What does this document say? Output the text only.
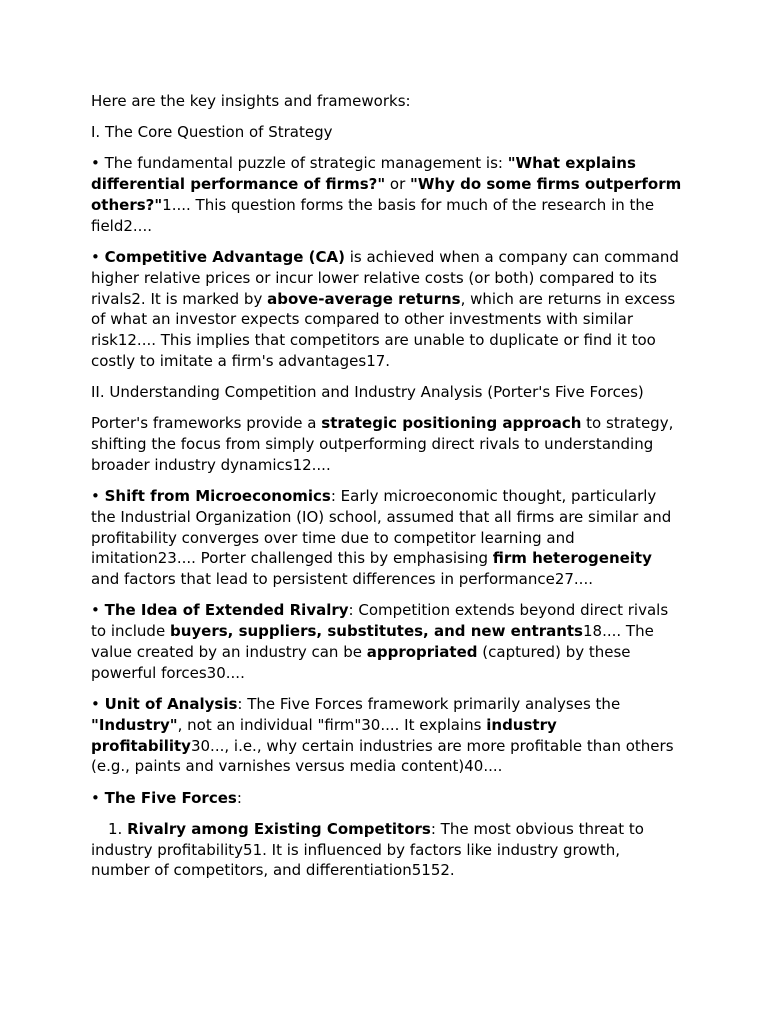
Here are the key insights and frameworks:

I. The Core Question of Strategy

• The fundamental puzzle of strategic management is: "What explains differential performance of firms?" or "Why do some firms outperform others?"1.... This question forms the basis for much of the research in the field2....

• Competitive Advantage (CA) is achieved when a company can command higher relative prices or incur lower relative costs (or both) compared to its rivals2. It is marked by above-average returns, which are returns in excess of what an investor expects compared to other investments with similar risk12.... This implies that competitors are unable to duplicate or find it too costly to imitate a firm's advantages17.

II. Understanding Competition and Industry Analysis (Porter's Five Forces)

Porter's frameworks provide a strategic positioning approach to strategy, shifting the focus from simply outperforming direct rivals to understanding broader industry dynamics12....

• Shift from Microeconomics: Early microeconomic thought, particularly the Industrial Organization (IO) school, assumed that all firms are similar and profitability converges over time due to competitor learning and imitation23.... Porter challenged this by emphasising firm heterogeneity and factors that lead to persistent differences in performance27....

• The Idea of Extended Rivalry: Competition extends beyond direct rivals to include buyers, suppliers, substitutes, and new entrants18.... The value created by an industry can be appropriated (captured) by these powerful forces30....

• Unit of Analysis: The Five Forces framework primarily analyses the "Industry", not an individual "firm"30.... It explains industry profitability30..., i.e., why certain industries are more profitable than others (e.g., paints and varnishes versus media content)40....

• The Five Forces:

1. Rivalry among Existing Competitors: The most obvious threat to industry profitability51. It is influenced by factors like industry growth, number of competitors, and differentiation5152.
